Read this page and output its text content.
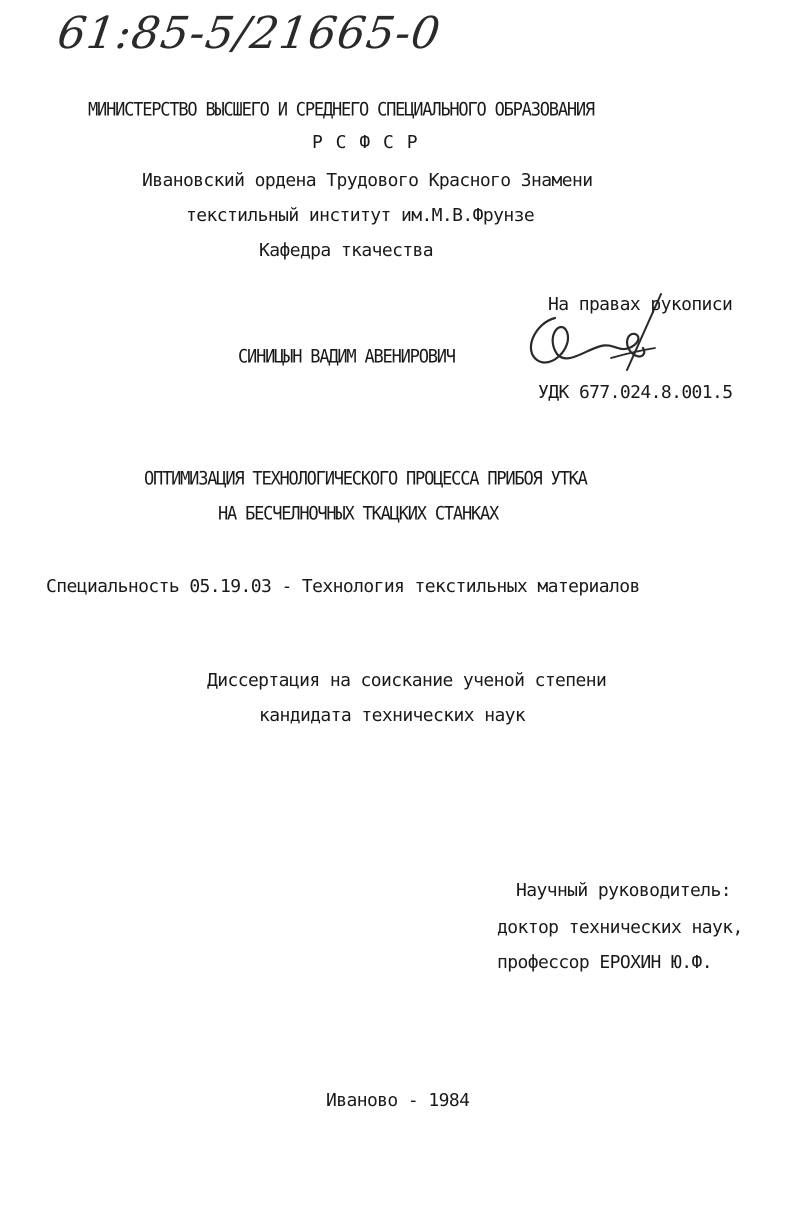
61:85-5/21665-0
МИНИСТЕРСТВО ВЫСШЕГО И СРЕДНЕГО СПЕЦИАЛЬНОГО ОБРАЗОВАНИЯ
Р С Ф С Р
Ивановский ордена Трудового Красного Знамени
текстильный институт им.М.В.Фрунзе
Кафедра ткачества
На правах рукописи
СИНИЦЫН ВАДИМ АВЕНИРОВИЧ
УДК 677.024.8.001.5
ОПТИМИЗАЦИЯ ТЕХНОЛОГИЧЕСКОГО ПРОЦЕССА ПРИБОЯ УТКА
НА БЕСЧЕЛНОЧНЫХ ТКАЦКИХ СТАНКАХ
Специальность 05.19.03 - Технология текстильных материалов
Диссертация на соискание ученой степени
кандидата технических наук
Научный руководитель:
доктор технических наук,
профессор ЕРОХИН Ю.Ф.
Иваново - 1984
